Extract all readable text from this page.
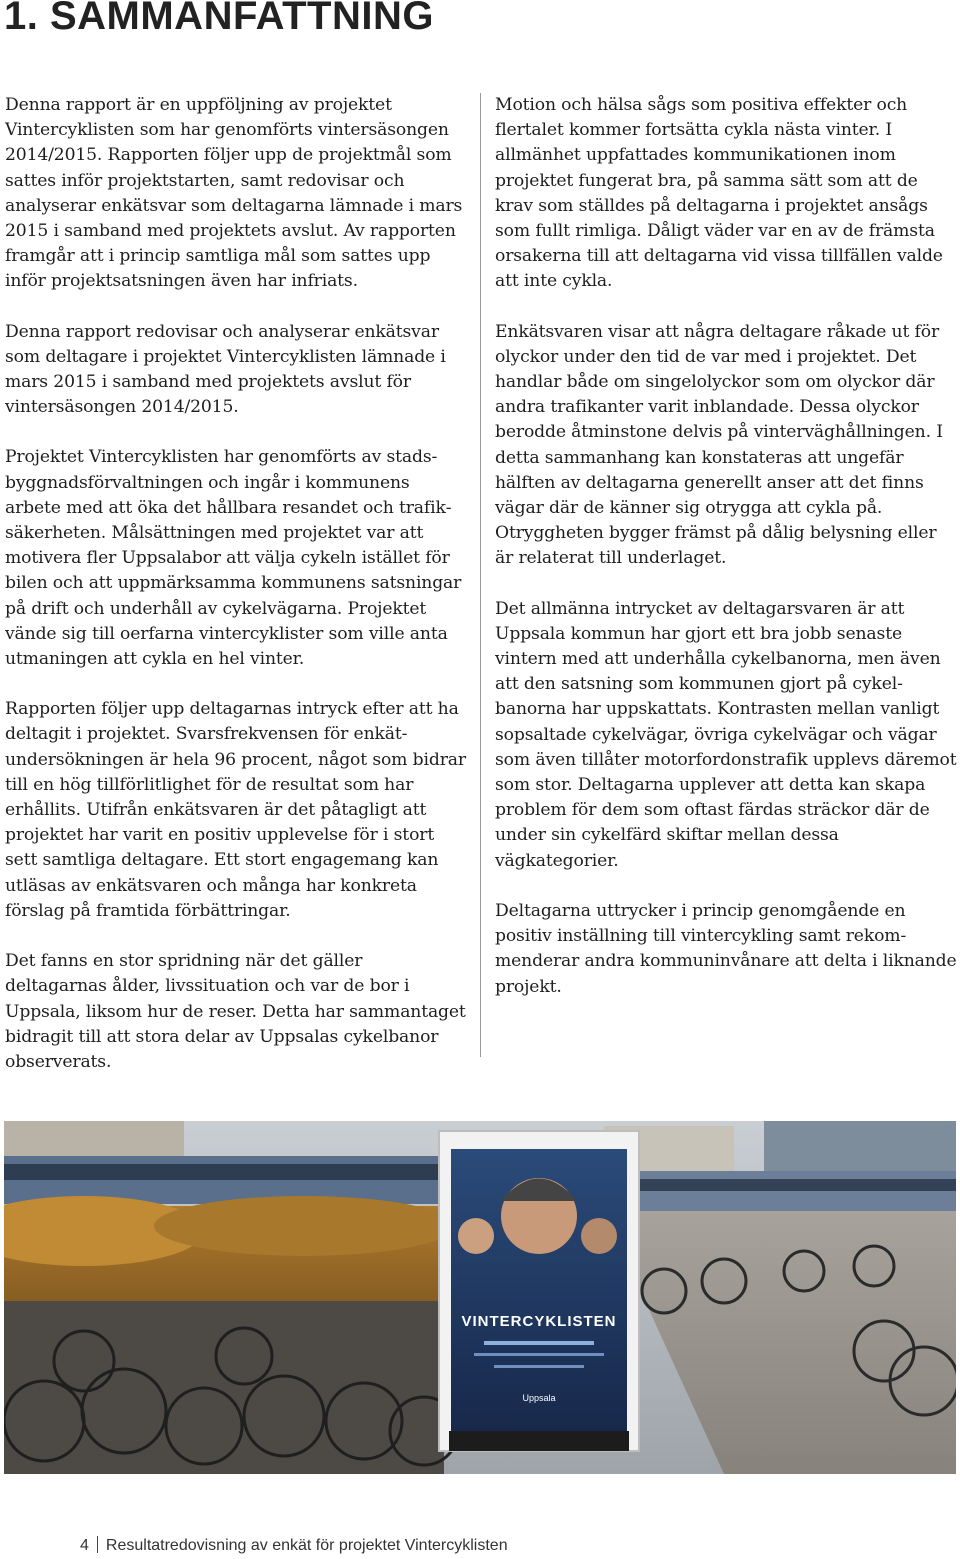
1. SAMMANFATTNING

Denna rapport är en uppföljning av projektet Vintercyklisten som har genomförts vintersäsongen 2014/2015. Rapporten följer upp de projektmål som sattes inför projektstarten, samt redovisar och analyserar enkätsvar som deltagarna lämnade i mars 2015 i samband med projektets avslut. Av rapporten framgår att i princip samtliga mål som sattes upp inför projektsatsningen även har infriats.

Denna rapport redovisar och analyserar enkätsvar som deltagare i projektet Vintercyklisten lämnade i mars 2015 i samband med projektets avslut för vintersäsongen 2014/2015.

Projektet Vintercyklisten har genomförts av stadsbyggnadsförvaltningen och ingår i kommunens arbete med att öka det hållbara resandet och trafiksäkerheten. Målsättningen med projektet var att motivera fler Uppsalabor att välja cykeln istället för bilen och att uppmärksamma kommunens satsningar på drift och underhåll av cykelvägarna. Projektet vände sig till oerfarna vintercyklister som ville anta utmaningen att cykla en hel vinter.

Rapporten följer upp deltagarnas intryck efter att ha deltagit i projektet. Svarsfrekvensen för enkätundersökningen är hela 96 procent, något som bidrar till en hög tillförlitlighet för de resultat som har erhållits. Utifrån enkätsvaren är det påtagligt att projektet har varit en positiv upplevelse för i stort sett samtliga deltagare. Ett stort engagemang kan utläsas av enkätsvaren och många har konkreta förslag på framtida förbättringar.

Det fanns en stor spridning när det gäller deltagarnas ålder, livssituation och var de bor i Uppsala, liksom hur de reser. Detta har sammantaget bidragit till att stora delar av Uppsalas cykelbanor observerats.

Motion och hälsa sågs som positiva effekter och flertalet kommer fortsätta cykla nästa vinter. I allmänhet uppfattades kommunikationen inom projektet fungerat bra, på samma sätt som att de krav som ställdes på deltagarna i projektet ansågs som fullt rimliga. Dåligt väder var en av de främsta orsakerna till att deltagarna vid vissa tillfällen valde att inte cykla.

Enkätsvaren visar att några deltagare råkade ut för olyckor under den tid de var med i projektet. Det handlar både om singelolyckor som om olyckor där andra trafikanter varit inblandade. Dessa olyckor berodde åtminstone delvis på vinterväghållningen. I detta sammanhang kan konstateras att ungefär hälften av deltagarna generellt anser att det finns vägar där de känner sig otrygga att cykla på. Otryggheten bygger främst på dålig belysning eller är relaterat till underlaget.

Det allmänna intrycket av deltagarsvaren är att Uppsala kommun har gjort ett bra jobb senaste vintern med att underhålla cykelbanorna, men även att den satsning som kommunen gjort på cykelbanorna har uppskattats. Kontrasten mellan vanligt sopsaltade cykelvägar, övriga cykelvägar och vägar som även tillåter motorfordonstrafik upplevs däremot som stor. Deltagarna upplever att detta kan skapa problem för dem som oftast färdas sträckor där de under sin cykelfärd skiftar mellan dessa vägkategorier.

Deltagarna uttrycker i princip genomgående en positiv inställning till vintercykling samt rekommenderar andra kommuninvånare att delta i liknande projekt.

VINTERCYKLISTEN
Uppsala
4 Resultatredovisning av enkät för projektet Vintercyklisten
